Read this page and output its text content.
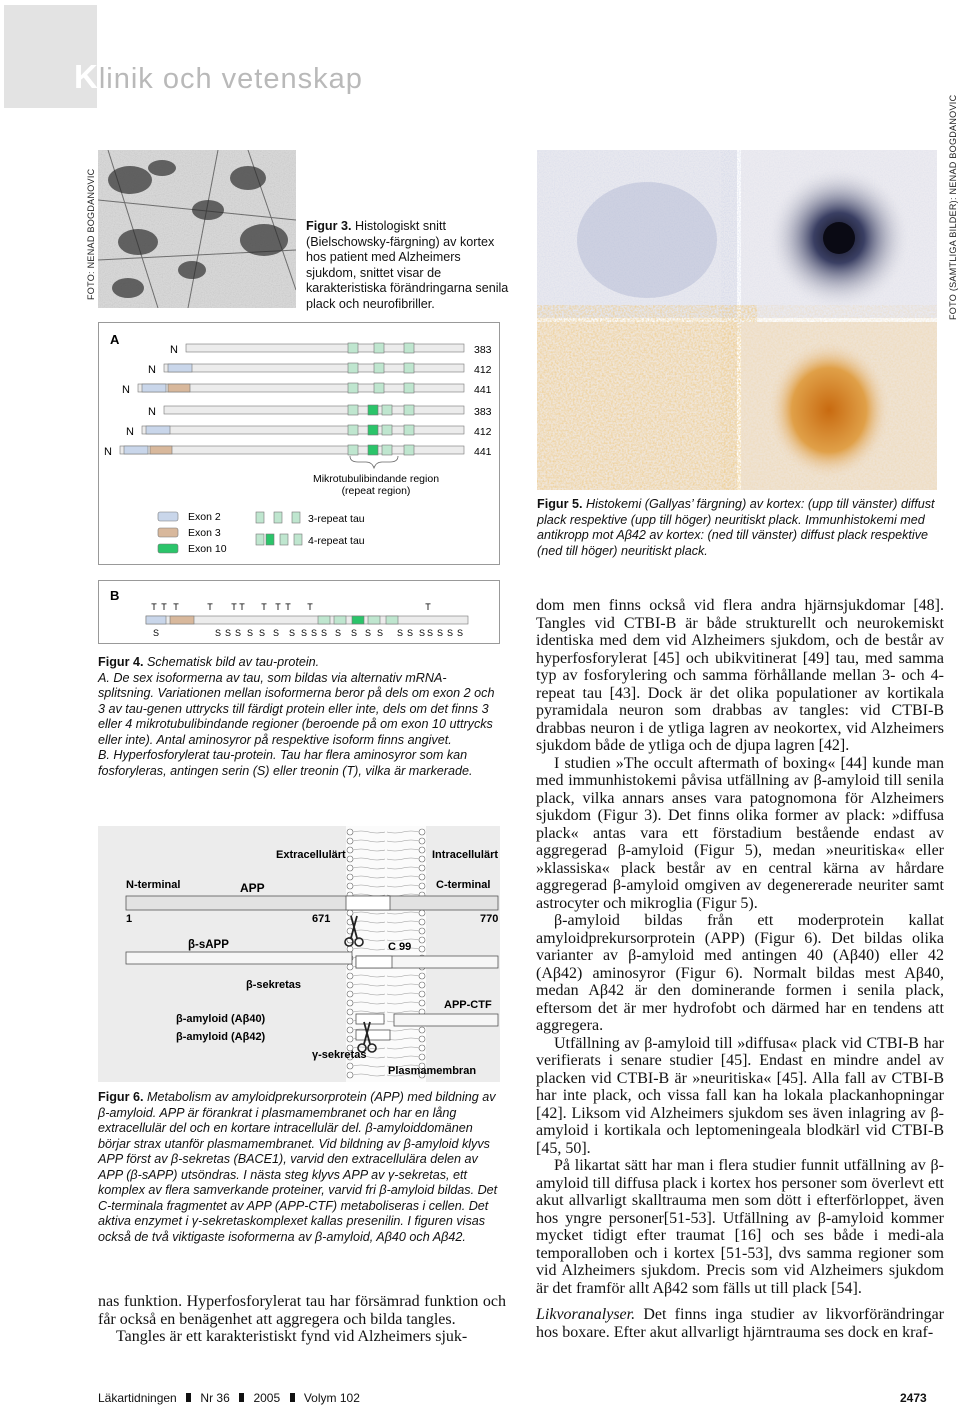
Klinik och vetenskap
FOTO: NENAD BOGDANOVIC	FOTO (SAMTLIGA BILDER): NENAD BOGDANOVIC
Figur 3. Histologiskt snitt (Bielschowsky-färgning) av kortex hos patient med Alzheimers sjukdom, snittet visar de karakteristiska förändringarna senila plack och neurofibriller.
Figur 5. Histokemi (Gallyas’ färgning) av kortex: (upp till vänster) diffust plack respektive (upp till höger) neuritiskt plack. Immunhistokemi med antikropp mot Aβ42 av kortex: (ned till vänster) diffust plack respektive (ned till höger) neuritiskt plack.
A
B
N	383
N	412
N	441
N	383
N	412
N	441
Mikrotubulibindande region
(repeat region)
Exon 2
Exon 3
Exon 10
3-repeat tau
4-repeat tau
T T T	T T T T T T T	T
S	S S S S S S S S S S S S S S S S S S S S S
Figur 4. Schematisk bild av tau-protein.
A. De sex isoformerna av tau, som bildas via alternativ mRNA-splitsning. Variationen mellan isoformerna beror på dels om exon 2 och 3 av tau-genen uttrycks till färdigt protein eller inte, dels om det finns 3 eller 4 mikrotubulibindande regioner (beroende på om exon 10 uttrycks eller inte). Antal aminosyror på respektive isoform finns angivet.
B. Hyperfosforylerat tau-protein. Tau har flera aminosyror som kan fosforyleras, antingen serin (S) eller treonin (T), vilka är markerade.
Extracellulärt	Intracellulärt
N-terminal	C-terminal
APP
1	671	770
β-sAPP	C 99
β-sekretas
APP-CTF
β-amyloid (Aβ40)
β-amyloid (Aβ42)
γ-sekretas
Plasmamembran
Figur 6. Metabolism av amyloidprekursorprotein (APP) med bildning av β-amyloid. APP är förankrat i plasmamembranet och har en lång extracellulär del och en kortare intracellulär del. β-amyloiddomänen börjar strax utanför plasmamembranet. Vid bildning av β-amyloid klyvs APP först av β-sekretas (BACE1), varvid den extracellulära delen av APP (β-sAPP) utsöndras. I nästa steg klyvs APP av γ-sekretas, ett komplex av flera samverkande proteiner, varvid fri β-amyloid bildas. Det C-terminala fragmentet av APP (APP-CTF) metaboliseras i cellen. Det aktiva enzymet i γ-sekretaskomplexet kallas presenilin. I figuren visas också de två viktigaste isoformerna av β-amyloid, Aβ40 och Aβ42.

nas funktion. Hyperfosforylerat tau har försämrad funktion och får också en benägenhet att aggregera och bilda tangles.

Tangles är ett karakteristiskt fynd vid Alzheimers sjuk-

dom men finns också vid flera andra hjärnsjukdomar [48]. Tangles vid CTBI-B är både strukturellt och neurokemiskt identiska med dem vid Alzheimers sjukdom, och de består av hyperfosforylerat [45] och ubikvitinerat [49] tau, med samma typ av fosforylering och samma förhållande mellan 3- och 4-repeat tau [43]. Dock är det olika populationer av kortikala pyramidala neuron som drabbas av tangles: vid CTBI-B drabbas neuron i de ytliga lagren av neokortex, vid Alzheimers sjukdom både de ytliga och de djupa lagren [42].

I studien »The occult aftermath of boxing« [44] kunde man med immunhistokemi påvisa utfällning av β-amyloid till senila plack, vilka annars anses vara patognomona för Alzheimers sjukdom (Figur 3). Det finns olika former av plack: »diffusa plack« antas vara ett förstadium bestående endast av aggregerad β-amyloid (Figur 5), medan »neuritiska« eller »klassiska« plack består av en central kärna av hårdare aggregerad β-amyloid omgiven av degenererade neuriter samt astrocyter och mikroglia (Figur 5).

β-amyloid bildas från ett moderprotein kallat amyloidprekursorprotein (APP) (Figur 6). Det bildas olika varianter av β-amyloid med antingen 40 (Aβ40) eller 42 (Aβ42) aminosyror (Figur 6). Normalt bildas mest Aβ40, medan Aβ42 är den dominerande formen i senila plack, eftersom det är mer hydrofobt och därmed har en tendens att aggregera.

Utfällning av β-amyloid till »diffusa« plack vid CTBI-B har verifierats i senare studier [45]. Endast en mindre andel av placken vid CTBI-B är »neuritiska« [45]. Alla fall av CTBI-B har inte plack, och vissa fall kan ha lokala plackanhopningar [42]. Liksom vid Alzheimers sjukdom ses även inlagring av β-amyloid i kortikala och leptomeningeala blodkärl vid CTBI-B [45, 50].

På likartat sätt har man i flera studier funnit utfällning av β-amyloid till diffusa plack i kortex hos personer som överlevt ett akut allvarligt skalltrauma men som dött i efterförloppet, även hos yngre personer[51-53]. Utfällning av β-amyloid kommer mycket tidigt efter traumat [16] och ses både i medi-ala temporalloben och i kortex [51-53], dvs samma regioner som vid Alzheimers sjukdom. Precis som vid Alzheimers sjukdom är det framför allt Aβ42 som fälls ut till plack [54].

Likvoranalyser. Det finns inga studier av likvorförändringar hos boxare. Efter akut allvarligt hjärntrauma ses dock en kraf-

Läkartidningen Nr 36 2005 Volym 102	2473
